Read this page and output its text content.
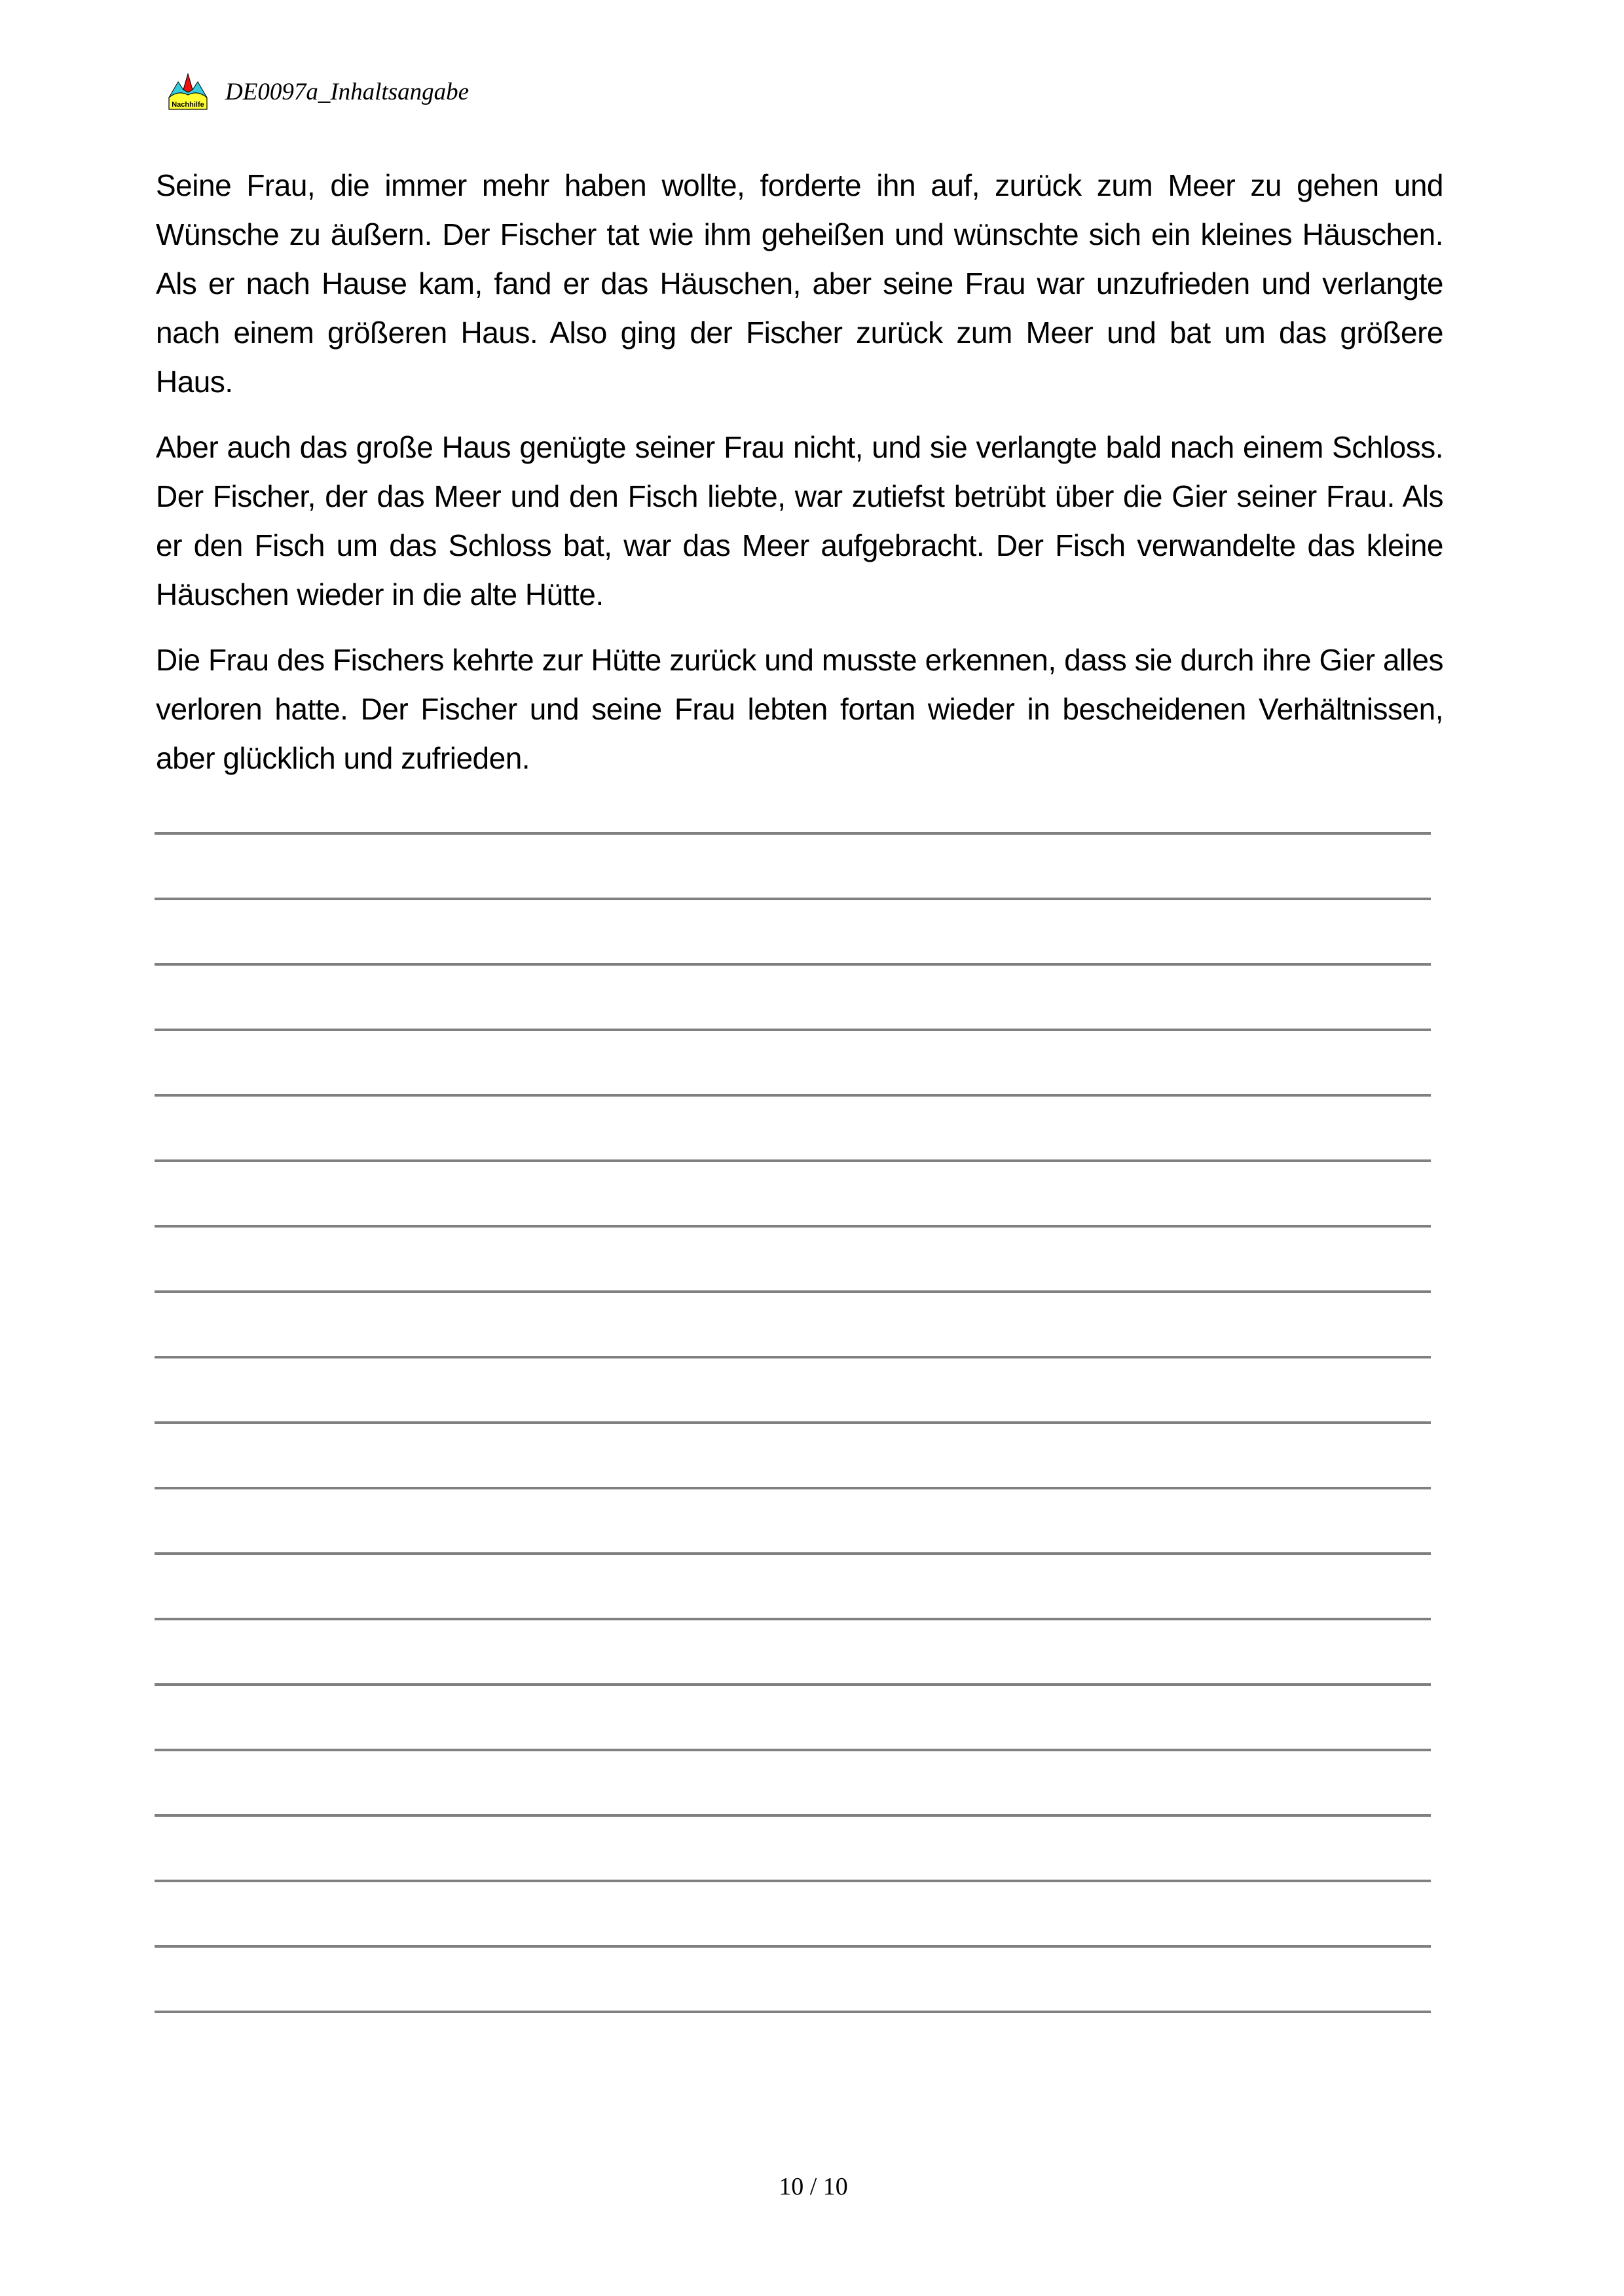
Nachhilfe DE0097a_Inhaltsangabe

Seine Frau, die immer mehr haben wollte, forderte ihn auf, zurück zum Meer zu gehen und Wünsche zu äußern. Der Fischer tat wie ihm geheißen und wünschte sich ein kleines Häuschen. Als er nach Hause kam, fand er das Häuschen, aber seine Frau war unzufrieden und verlangte nach einem größeren Haus. Also ging der Fischer zurück zum Meer und bat um das größere Haus.

Aber auch das große Haus genügte seiner Frau nicht, und sie verlangte bald nach einem Schloss. Der Fischer, der das Meer und den Fisch liebte, war zutiefst betrübt über die Gier seiner Frau. Als er den Fisch um das Schloss bat, war das Meer aufgebracht. Der Fisch verwandelte das kleine Häuschen wieder in die alte Hütte.

Die Frau des Fischers kehrte zur Hütte zurück und musste erkennen, dass sie durch ihre Gier alles verloren hatte. Der Fischer und seine Frau lebten fortan wieder in bescheidenen Verhältnissen, aber glücklich und zufrieden.

10 / 10
